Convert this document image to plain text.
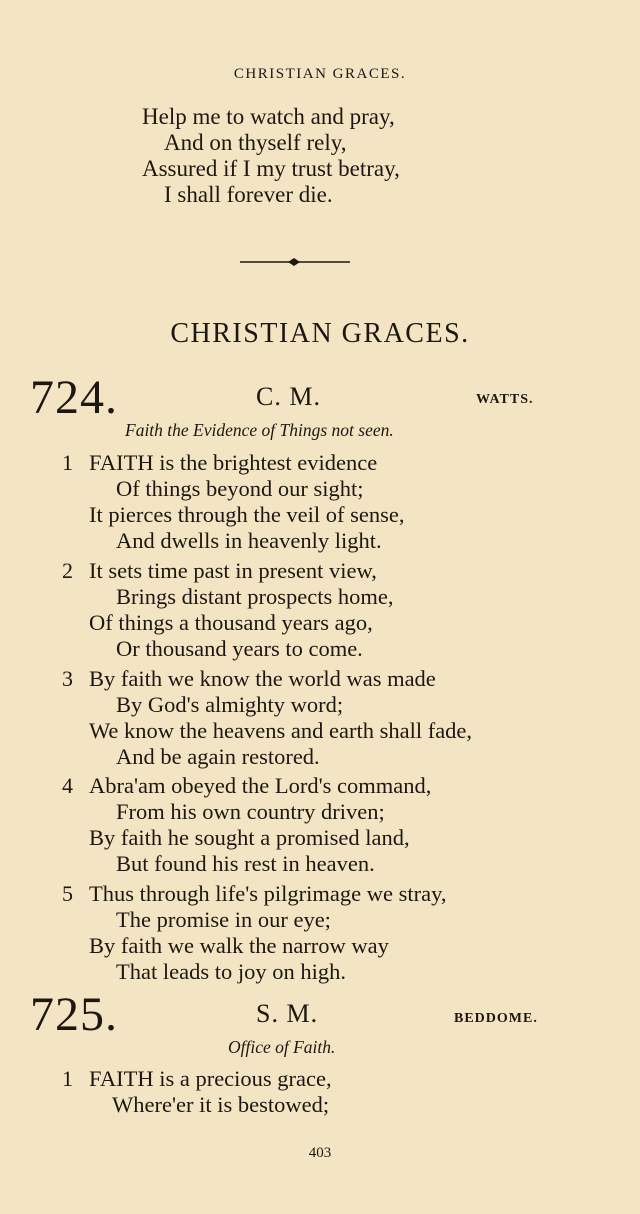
CHRISTIAN GRACES.
Help me to watch and pray,
And on thyself rely,
Assured if I my trust betray,
I shall forever die.
CHRISTIAN GRACES.
724.	C. M.	WATTS.
Faith the Evidence of Things not seen.
1 FAITH is the brightest evidence
Of things beyond our sight;
It pierces through the veil of sense,
And dwells in heavenly light.
2 It sets time past in present view,
Brings distant prospects home,
Of things a thousand years ago,
Or thousand years to come.
3 By faith we know the world was made
By God's almighty word;
We know the heavens and earth shall fade,
And be again restored.
4 Abra'am obeyed the Lord's command,
From his own country driven;
By faith he sought a promised land,
But found his rest in heaven.
5 Thus through life's pilgrimage we stray,
The promise in our eye;
By faith we walk the narrow way
That leads to joy on high.
725.	S. M.	BEDDOME.
Office of Faith.
1 FAITH is a precious grace,
Where'er it is bestowed;
403
